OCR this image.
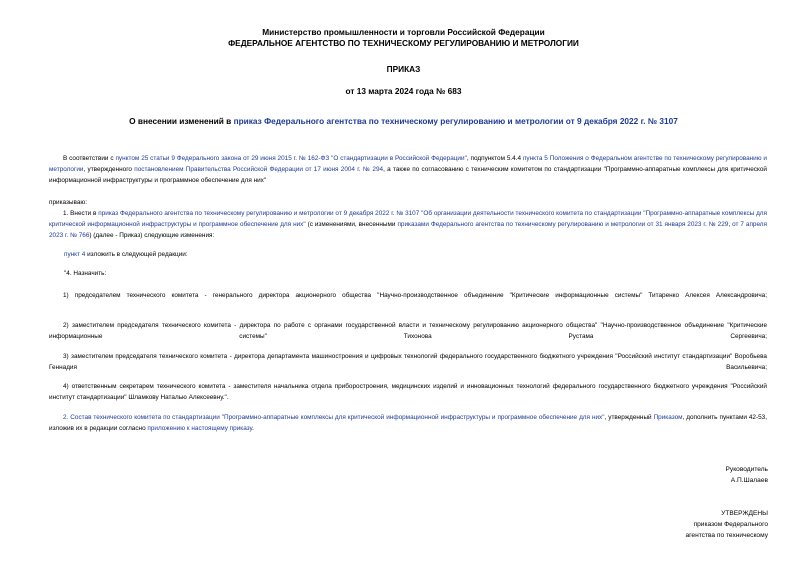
Министерство промышленности и торговли Российской Федерации
ФЕДЕРАЛЬНОЕ АГЕНТСТВО ПО ТЕХНИЧЕСКОМУ РЕГУЛИРОВАНИЮ И МЕТРОЛОГИИ
ПРИКАЗ
от 13 марта 2024 года № 683
О внесении изменений в приказ Федерального агентства по техническому регулированию и метрологии от 9 декабря 2022 г. № 3107
В соответствии с пунктом 25 статьи 9 Федерального закона от 29 июня 2015 г. № 162-ФЗ "О стандартизации в Российской Федерации", подпунктом 5.4.4 пункта 5 Положения о Федеральном агентстве по техническому регулированию и метрологии, утвержденного постановлением Правительства Российской Федерации от 17 июня 2004 г. № 294, а также по согласованию с техническим комитетом по стандартизации "Программно-аппаратные комплексы для критической информационной инфраструктуры и программное обеспечение для них"
приказываю:
1. Внести в приказ Федерального агентства по техническому регулированию и метрологии от 9 декабря 2022 г. № 3107 "Об организации деятельности технического комитета по стандартизации "Программно-аппаратные комплексы для критической информационной инфраструктуры и программное обеспечение для них" (с изменениями, внесенными приказами Федерального агентства по техническому регулированию и метрологии от 31 января 2023 г. № 229, от 7 апреля 2023 г. № 766) (далее - Приказ) следующие изменения:
пункт 4 изложить в следующей редакции:
"4. Назначить:
1) председателем технического комитета - генерального директора акционерного общества "Научно-производственное объединение "Критические информационные системы" Титаренко Алексея Александровича;
2) заместителем председателя технического комитета - директора по работе с органами государственной власти и техническому регулированию акционерного общества" "Научно-производственное объединение "Критические информационные системы" Тихонова Рустама Сергеевича;
3) заместителем председателя технического комитета - директора департамента машиностроения и цифровых технологий федерального государственного бюджетного учреждения "Российский институт стандартизации" Воробьева Геннадия Васильевича;
4) ответственным секретарем технического комитета - заместителя начальника отдела приборостроения, медицинских изделий и инновационных технологий федерального государственного бюджетного учреждения "Российский институт стандартизации" Шламкову Наталью Алексеевну.".
2. Состав технического комитета по стандартизации "Программно-аппаратные комплексы для критической информационной инфраструктуры и программное обеспечение для них", утвержденный Приказом, дополнить пунктами 42-53, изложив их в редакции согласно приложению к настоящему приказу.
Руководитель
А.П.Шалаев
УТВЕРЖДЕНЫ
приказом Федерального
агентства по техническому
